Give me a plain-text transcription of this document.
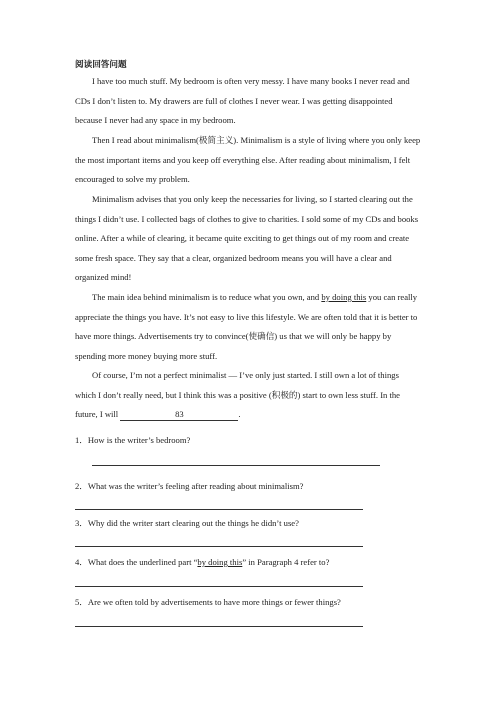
阅读回答问题

I have too much stuff. My bedroom is often very messy. I have many books I never read and CDs I don’t listen to. My drawers are full of clothes I never wear. I was getting disappointed because I never had any space in my bedroom.

Then I read about minimalism(极简主义). Minimalism is a style of living where you only keep the most important items and you keep off everything else. After reading about minimalism, I felt encouraged to solve my problem.

Minimalism advises that you only keep the necessaries for living, so I started clearing out the things I didn’t use. I collected bags of clothes to give to charities. I sold some of my CDs and books online. After a while of clearing, it became quite exciting to get things out of my room and create some fresh space. They say that a clear, organized bedroom means you will have a clear and organized mind!

The main idea behind minimalism is to reduce what you own, and by doing this you can really appreciate the things you have. It’s not easy to live this lifestyle. We are often told that it is better to have more things. Advertisements try to convince(使确信) us that we will only be happy by spending more money buying more stuff.

Of course, I’m not a perfect minimalist — I’ve only just started. I still own a lot of things which I don’t really need, but I think this was a positive (积极的) start to own less stuff. In the future, I will	83	.

1．How is the writer’s bedroom?

2．What was the writer’s feeling after reading about minimalism?

3．Why did the writer start clearing out the things he didn’t use?

4．What does the underlined part “by doing this” in Paragraph 4 refer to?

5．Are we often told by advertisements to have more things or fewer things?
